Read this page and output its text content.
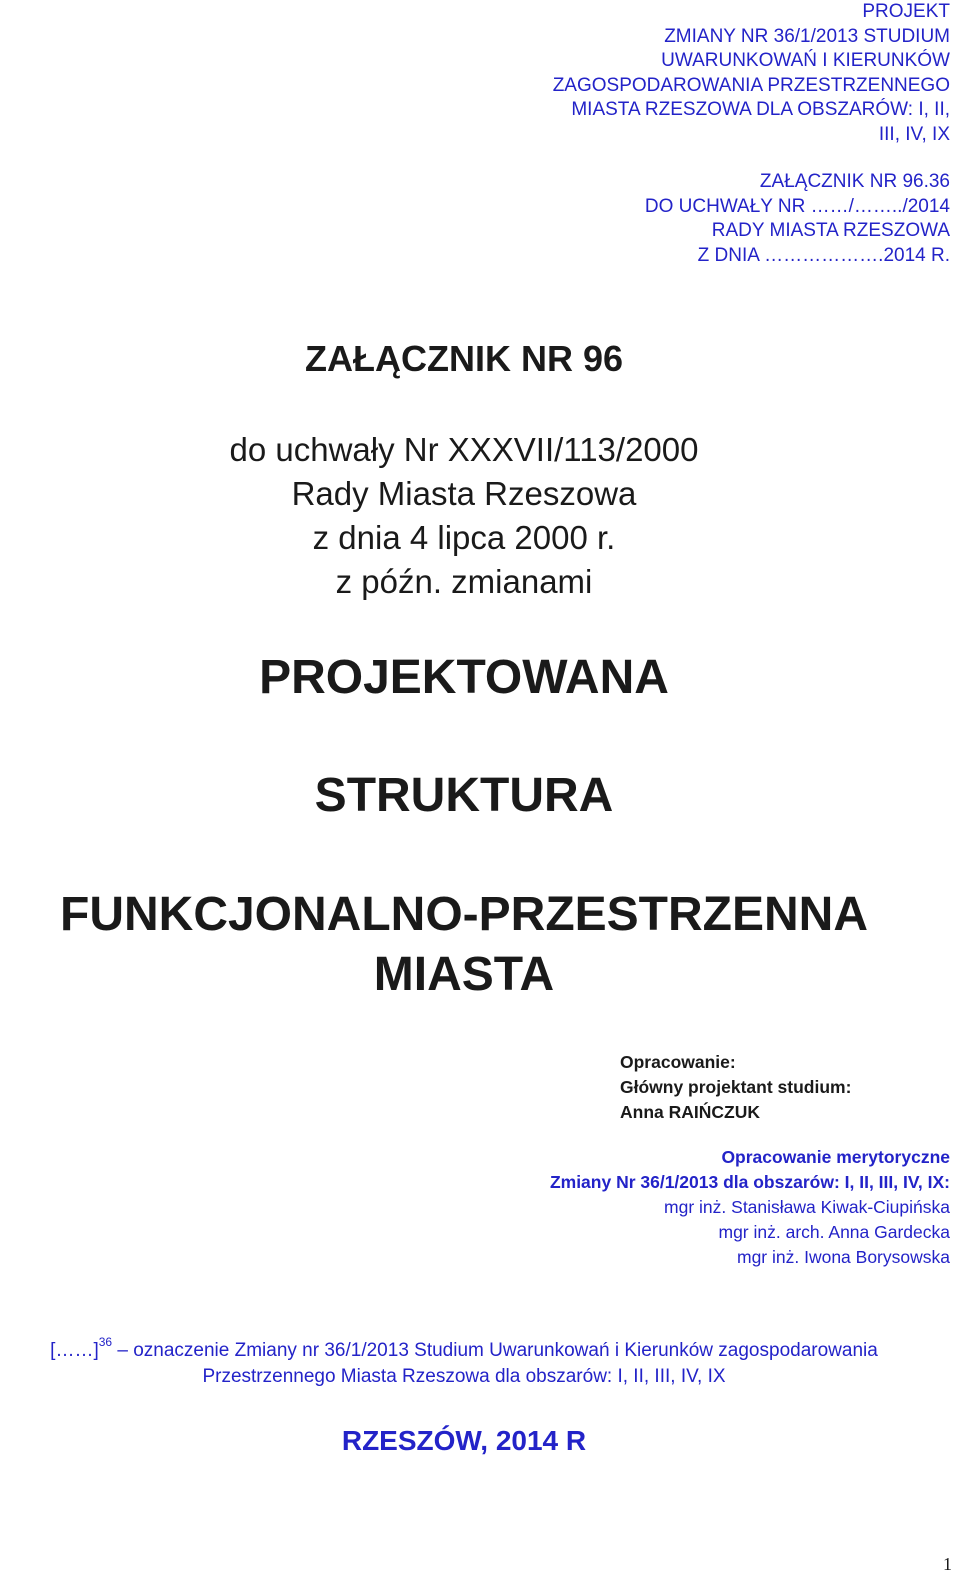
PROJEKT
ZMIANY NR 36/1/2013 STUDIUM
UWARUNKOWAŃ I KIERUNKÓW
ZAGOSPODAROWANIA PRZESTRZENNEGO
MIASTA RZESZOWA DLA OBSZARÓW: I, II,
III, IV, IX
ZAŁĄCZNIK NR 96.36
DO UCHWAŁY NR ……/……../2014
RADY MIASTA RZESZOWA
Z DNIA ……………….2014 R.
ZAŁĄCZNIK NR 96
do uchwały Nr XXXVII/113/2000
Rady Miasta Rzeszowa
z dnia 4 lipca 2000 r.
z późn. zmianami
PROJEKTOWANA
STRUKTURA
FUNKCJONALNO-PRZESTRZENNA
MIASTA
Opracowanie:
Główny projektant studium:
Anna RAIŃCZUK
Opracowanie merytoryczne
Zmiany Nr 36/1/2013 dla obszarów: I, II, III, IV, IX:
mgr inż. Stanisława Kiwak-Ciupińska
mgr inż. arch. Anna Gardecka
mgr inż. Iwona Borysowska
[……]$^{36}$ – oznaczenie Zmiany nr 36/1/2013 Studium Uwarunkowań i Kierunków zagospodarowania
Przestrzennego Miasta Rzeszowa dla obszarów: I, II, III, IV, IX
RZESZÓW, 2014 R
1
